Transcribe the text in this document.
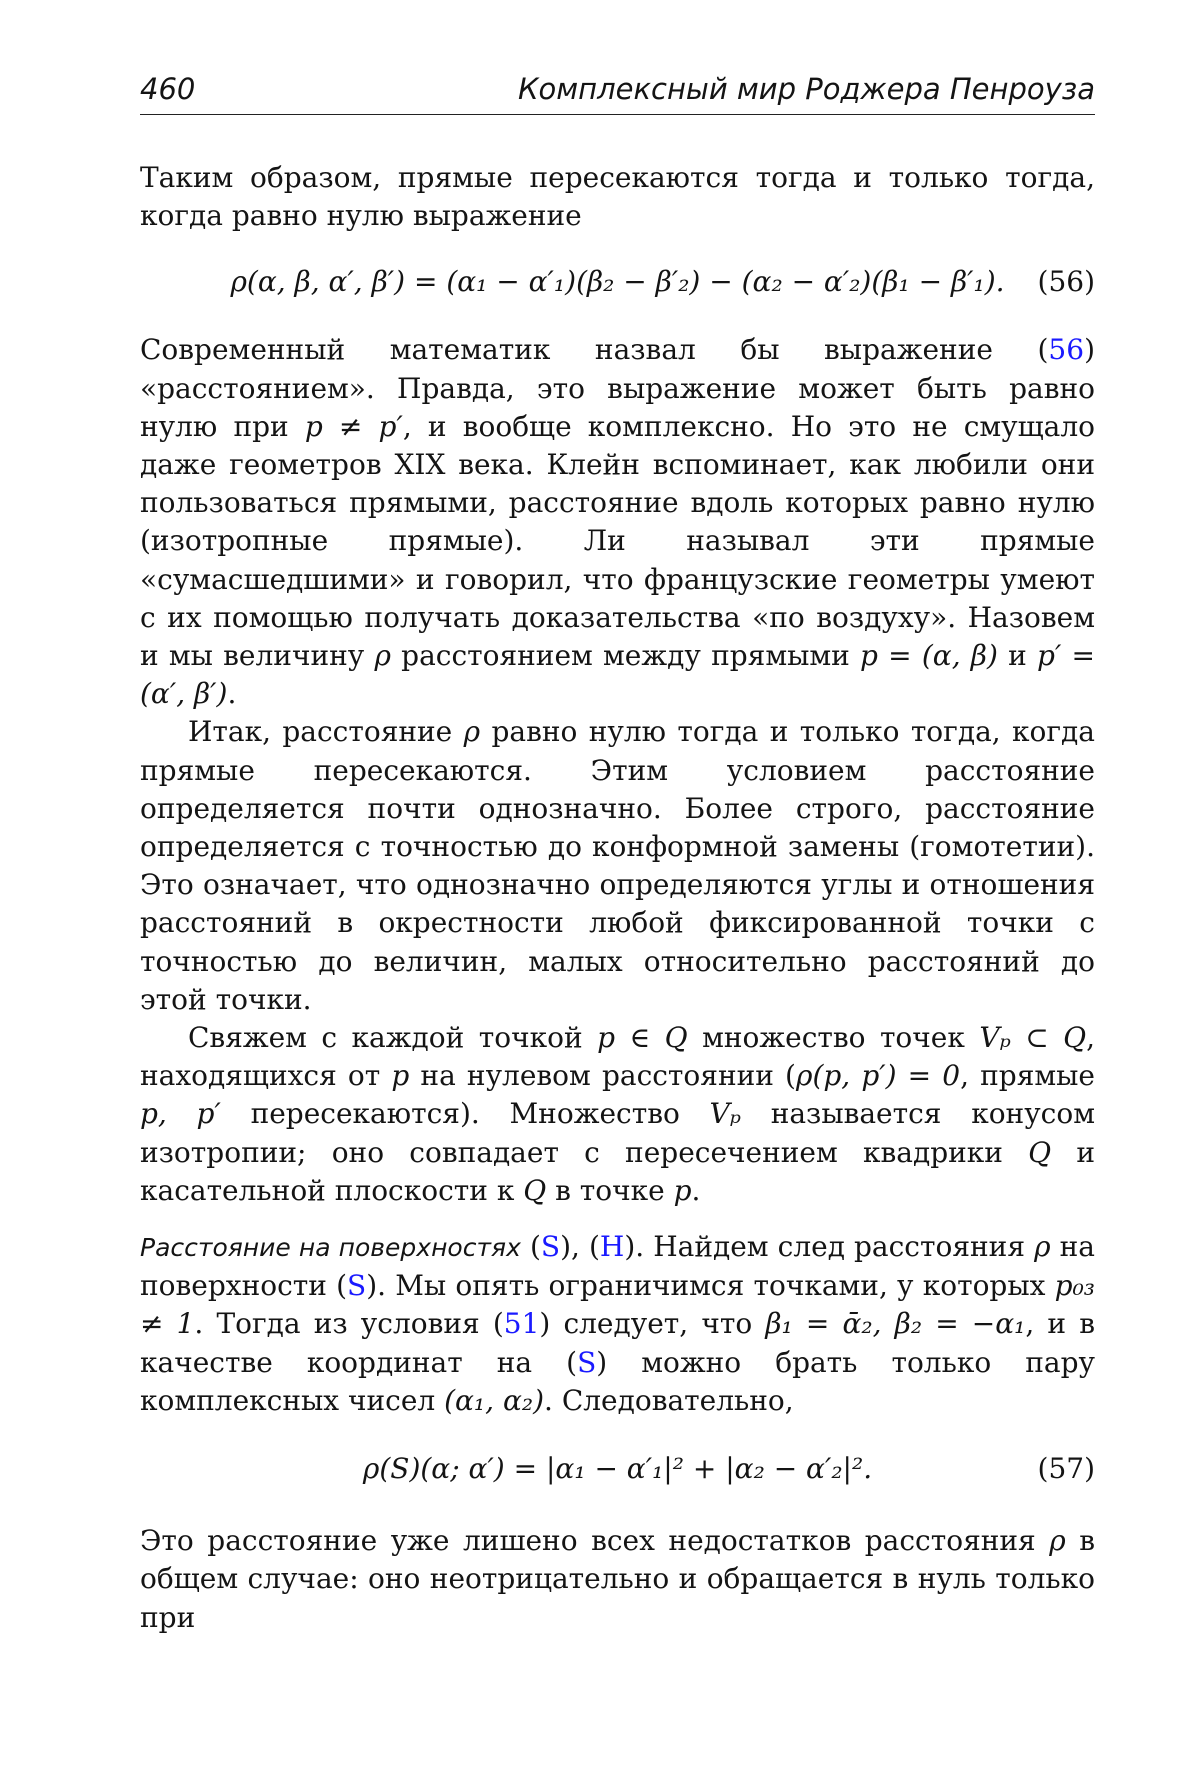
460	Комплексный мир Роджера Пенроуза

Таким образом, прямые пересекаются тогда и только тогда, когда равно нулю выражение

ρ(α, β, α′, β′) = (α₁ − α′₁)(β₂ − β′₂) − (α₂ − α′₂)(β₁ − β′₁). (56)

Современный математик назвал бы выражение (56) «расстоянием». Правда, это выражение может быть равно нулю при p ≠ p′, и вообще комплексно. Но это не смущало даже геометров XIX века. Клейн вспоминает, как любили они пользоваться прямыми, расстояние вдоль которых равно нулю (изотропные прямые). Ли называл эти прямые «сумасшедшими» и говорил, что французские геометры умеют с их помощью получать доказательства «по воздуху». Назовем и мы величину ρ расстоянием между прямыми p = (α, β) и p′ = (α′, β′).

Итак, расстояние ρ равно нулю тогда и только тогда, когда прямые пересекаются. Этим условием расстояние определяется почти однозначно. Более строго, расстояние определяется с точностью до конформной замены (гомотетии). Это означает, что однозначно определяются углы и отношения расстояний в окрестности любой фиксированной точки с точностью до величин, малых относительно расстояний до этой точки.

Свяжем с каждой точкой p ∈ Q множество точек Vₚ ⊂ Q, находящихся от p на нулевом расстоянии (ρ(p, p′) = 0, прямые p, p′ пересекаются). Множество Vₚ называется конусом изотропии; оно совпадает с пересечением квадрики Q и касательной плоскости к Q в точке p.

Расстояние на поверхностях (S), (H). Найдем след расстояния ρ на поверхности (S). Мы опять ограничимся точками, у которых p₀₃ ≠ 1. Тогда из условия (51) следует, что β₁ = ᾱ₂, β₂ = −α₁, и в качестве координат на (S) можно брать только пару комплексных чисел (α₁, α₂). Следовательно,

ρ(S)(α; α′) = |α₁ − α′₁|² + |α₂ − α′₂|².	(57)

Это расстояние уже лишено всех недостатков расстояния ρ в общем случае: оно неотрицательно и обращается в нуль только при
